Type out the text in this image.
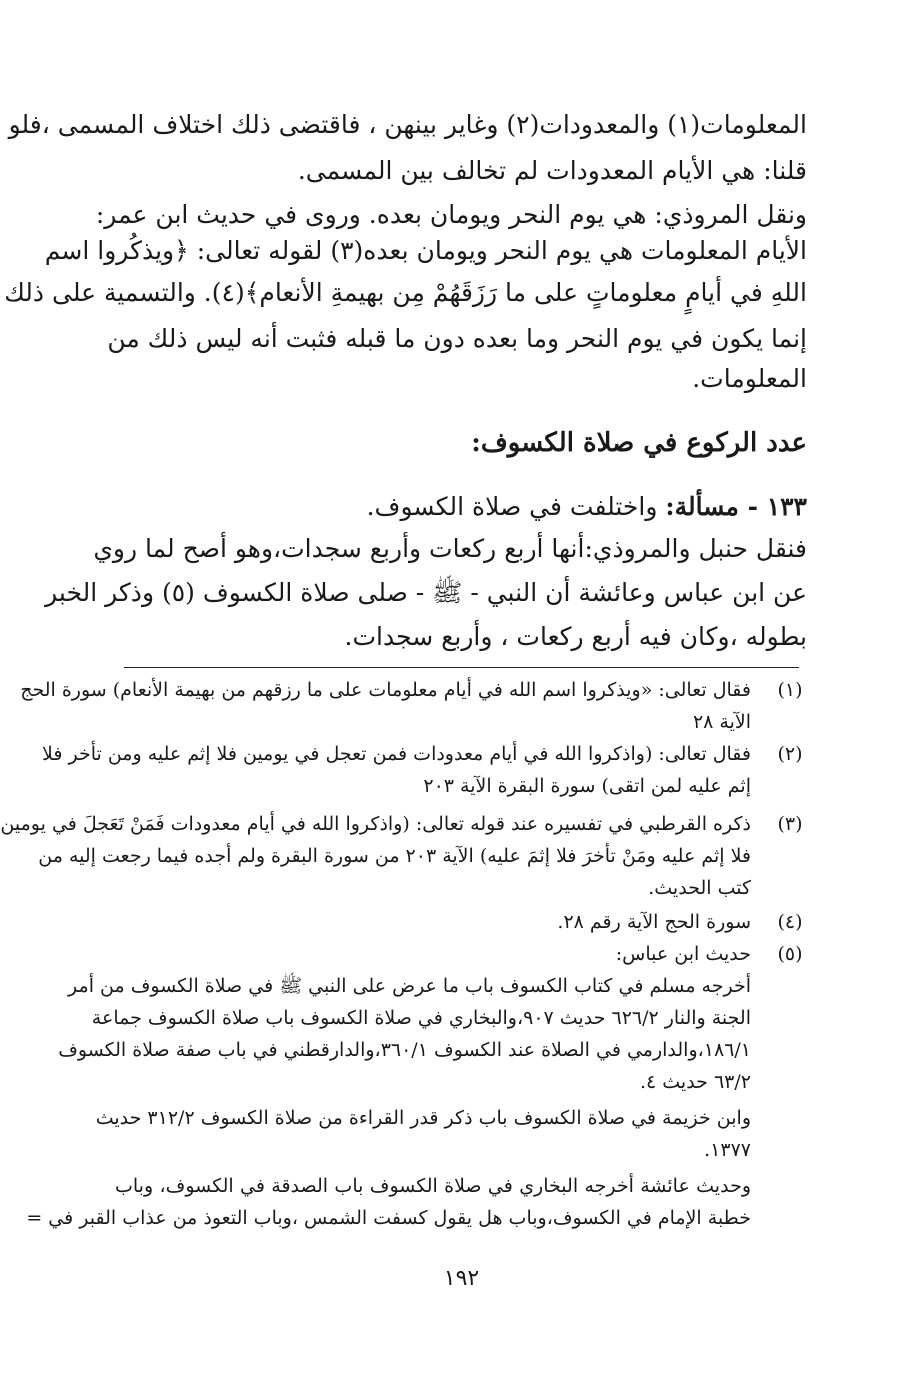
المعلومات(١) والمعدودات(٢) وغاير بينهن ، فاقتضى ذلك اختلاف المسمى ،فلو
قلنا: هي الأيام المعدودات لم تخالف بين المسمى.
ونقل المروذي: هي يوم النحر ويومان بعده. وروى في حديث ابن عمر:
الأيام المعلومات هي يوم النحر ويومان بعده(٣) لقوله تعالى: ﴿ويذكُروا اسم
اللهِ في أيامٍ معلوماتٍ على ما رَزَقَهُمْ مِن بهيمةِ الأنعام﴾(٤). والتسمية على ذلك
إنما يكون في يوم النحر وما بعده دون ما قبله فثبت أنه ليس ذلك من
المعلومات.
عدد الركوع في صلاة الكسوف:
١٣٣ - مسألة: واختلفت في صلاة الكسوف.
فنقل حنبل والمروذي:أنها أربع ركعات وأربع سجدات،وهو أصح لما روي
عن ابن عباس وعائشة أن النبي - ﷺ - صلى صلاة الكسوف (٥) وذكر الخبر
بطوله ،وكان فيه أربع ركعات ، وأربع سجدات.
(١)
فقال تعالى: «ويذكروا اسم الله في أيام معلومات على ما رزقهم من بهيمة الأنعام) سورة الحج
الآية ٢٨
(٢)
فقال تعالى: (واذكروا الله في أيام معدودات فمن تعجل في يومين فلا إثم عليه ومن تأخر فلا
إثم عليه لمن اتقى) سورة البقرة الآية ٢٠٣
(٣)
ذكره القرطبي في تفسيره عند قوله تعالى: (واذكروا الله في أيام معدودات فَمَنْ تَعَجلَ في يومين
فلا إثم عليه ومَنْ تأخرَ فلا إثمَ عليه) الآية ٢٠٣ من سورة البقرة ولم أجده فيما رجعت إليه من
كتب الحديث.
(٤)
سورة الحج الآية رقم ٢٨.
(٥)
حديث ابن عباس:
أخرجه مسلم في كتاب الكسوف باب ما عرض على النبي ﷺ في صلاة الكسوف من أمر
الجنة والنار ٦٢٦/٢ حديث ٩٠٧،والبخاري في صلاة الكسوف باب صلاة الكسوف جماعة
١٨٦/١،والدارمي في الصلاة عند الكسوف ٣٦٠/١،والدارقطني في باب صفة صلاة الكسوف
٦٣/٢ حديث ٤.
وابن خزيمة في صلاة الكسوف باب ذكر قدر القراءة من صلاة الكسوف ٣١٢/٢ حديث
١٣٧٧.
وحديث عائشة أخرجه البخاري في صلاة الكسوف باب الصدقة في الكسوف، وباب
خطبة الإمام في الكسوف،وباب هل يقول كسفت الشمس ،وباب التعوذ من عذاب القبر في =
١٩٢
